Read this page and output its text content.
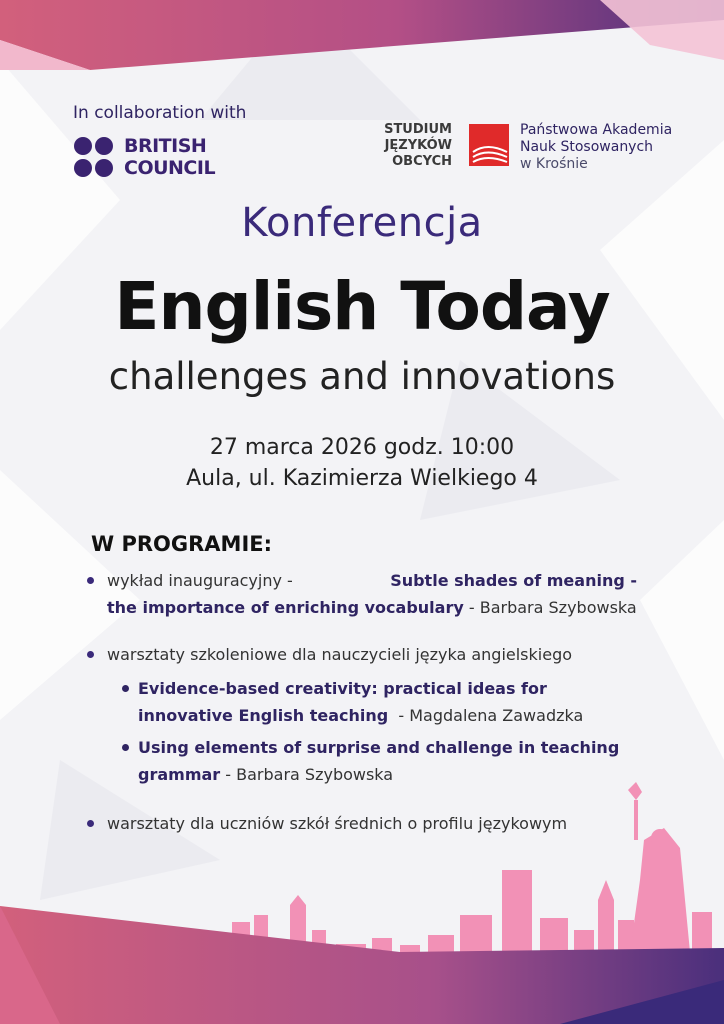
In collaboration with
BRITISH
COUNCIL
STUDIUM
JĘZYKÓW
OBCYCH
Państwowa Akademia
Nauk Stosowanych
w Krośnie
Konferencja
English Today
challenges and innovations
27 marca 2026 godz. 10:00
Aula, ul. Kazimierza Wielkiego 4
W PROGRAMIE:
wykład inauguracyjny -	Subtle shades of meaning -
the importance of enriching vocabulary - Barbara Szybowska
warsztaty szkoleniowe dla nauczycieli języka angielskiego
Evidence-based creativity: practical ideas for
innovative English teaching - Magdalena Zawadzka
Using elements of surprise and challenge in teaching
grammar - Barbara Szybowska
warsztaty dla uczniów szkół średnich o profilu językowym
